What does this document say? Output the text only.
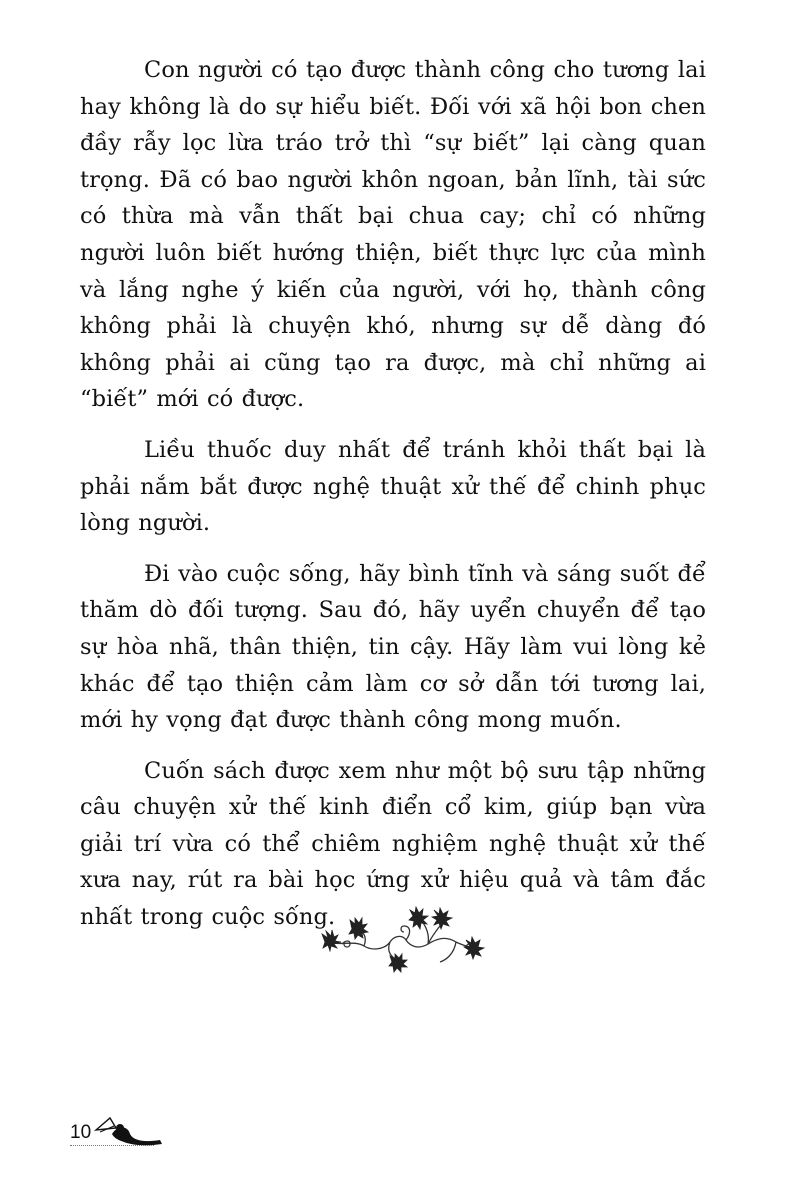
Con người có tạo được thành công cho tương lai hay không là do sự hiểu biết. Đối với xã hội bon chen đầy rẫy lọc lừa tráo trở thì “sự biết” lại càng quan trọng. Đã có bao người khôn ngoan, bản lĩnh, tài sức có thừa mà vẫn thất bại chua cay; chỉ có những người luôn biết hướng thiện, biết thực lực của mình và lắng nghe ý kiến của người, với họ, thành công không phải là chuyện khó, nhưng sự dễ dàng đó không phải ai cũng tạo ra được, mà chỉ những ai “biết” mới có được.

Liều thuốc duy nhất để tránh khỏi thất bại là phải nắm bắt được nghệ thuật xử thế để chinh phục lòng người.

Đi vào cuộc sống, hãy bình tĩnh và sáng suốt để thăm dò đối tượng. Sau đó, hãy uyển chuyển để tạo sự hòa nhã, thân thiện, tin cậy. Hãy làm vui lòng kẻ khác để tạo thiện cảm làm cơ sở dẫn tới tương lai, mới hy vọng đạt được thành công mong muốn.

Cuốn sách được xem như một bộ sưu tập những câu chuyện xử thế kinh điển cổ kim, giúp bạn vừa giải trí vừa có thể chiêm nghiệm nghệ thuật xử thế xưa nay, rút ra bài học ứng xử hiệu quả và tâm đắc nhất trong cuộc sống.

10
